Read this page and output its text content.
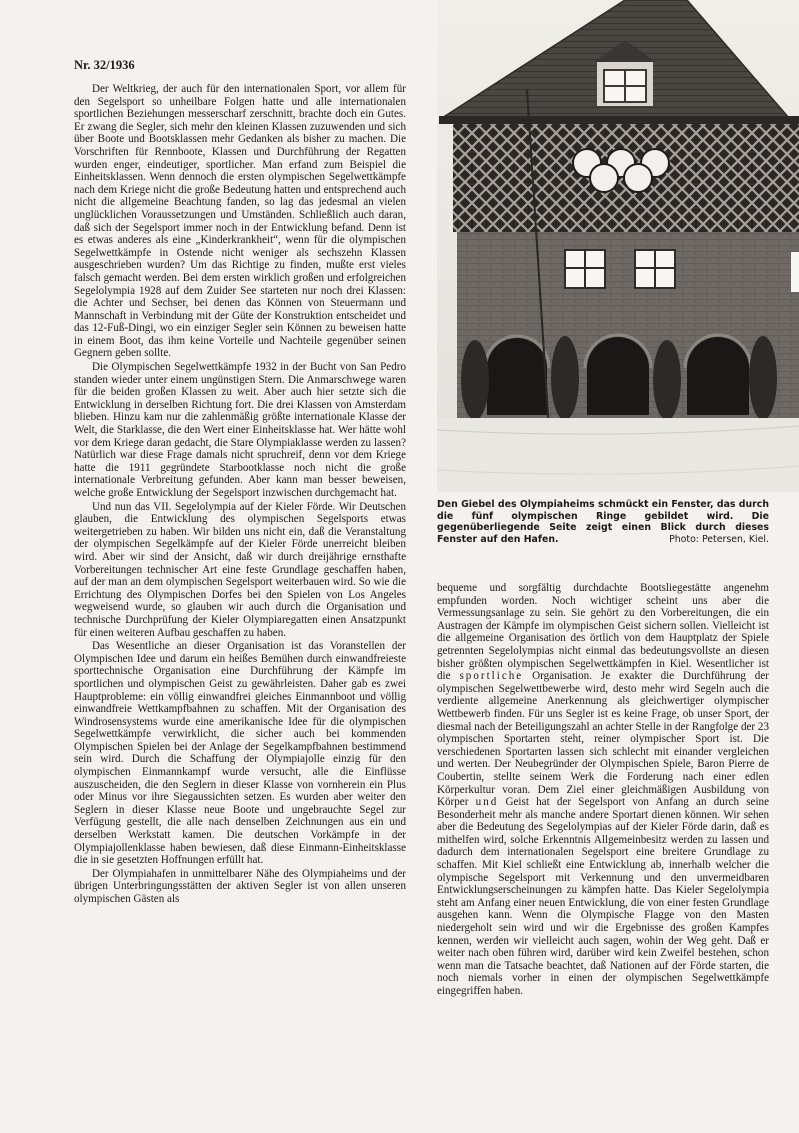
Nr. 32/1936

Der Weltkrieg, der auch für den internationalen Sport, vor allem für den Segelsport so unheilbare Folgen hatte und alle internationalen sportlichen Beziehungen messerscharf zerschnitt, brachte doch ein Gutes. Er zwang die Segler, sich mehr den kleinen Klassen zuzuwenden und sich über Boote und Bootsklassen mehr Gedanken als bisher zu machen. Die Vorschriften für Rennboote, Klassen und Durchführung der Regatten wurden enger, eindeutiger, sportlicher. Man erfand zum Beispiel die Einheitsklassen. Wenn dennoch die ersten olympischen Segelwettkämpfe nach dem Kriege nicht die große Bedeutung hatten und entsprechend auch nicht die allgemeine Beachtung fanden, so lag das jedesmal an vielen unglücklichen Voraussetzungen und Umständen. Schließlich auch daran, daß sich der Segelsport immer noch in der Entwicklung befand. Denn ist es etwas anderes als eine „Kinderkrankheit“, wenn für die olympischen Segelwettkämpfe in Ostende nicht weniger als sechszehn Klassen ausgeschrieben wurden? Um das Richtige zu finden, mußte erst vieles falsch gemacht werden. Bei dem ersten wirklich großen und erfolgreichen Segelolympia 1928 auf dem Zuider See starteten nur noch drei Klassen: die Achter und Sechser, bei denen das Können von Steuermann und Mannschaft in Verbindung mit der Güte der Konstruktion entscheidet und das 12-Fuß-Dingi, wo ein einziger Segler sein Können zu beweisen hatte in einem Boot, das ihm keine Vorteile und Nachteile gegenüber seinen Gegnern geben sollte.

Die Olympischen Segelwettkämpfe 1932 in der Bucht von San Pedro standen wieder unter einem ungünstigen Stern. Die Anmarschwege waren für die beiden großen Klassen zu weit. Aber auch hier setzte sich die Entwicklung in derselben Richtung fort. Die drei Klassen von Amsterdam blieben. Hinzu kam nur die zahlenmäßig größte internationale Klasse der Welt, die Starklasse, die den Wert einer Einheitsklasse hat. Wer hätte wohl vor dem Kriege daran gedacht, die Stare Olympiaklasse werden zu lassen? Natürlich war diese Frage damals nicht spruchreif, denn vor dem Kriege hatte die 1911 gegründete Starbootklasse noch nicht die große internationale Verbreitung gefunden. Aber kann man besser beweisen, welche große Entwicklung der Segelsport inzwischen durchgemacht hat.

Und nun das VII. Segelolympia auf der Kieler Förde. Wir Deutschen glauben, die Entwicklung des olympischen Segelsports etwas weitergetrieben zu haben. Wir bilden uns nicht ein, daß die Veranstaltung der olympischen Segelkämpfe auf der Kieler Förde unerreicht bleiben wird. Aber wir sind der Ansicht, daß wir durch dreijährige ernsthafte Vorbereitungen technischer Art eine feste Grundlage geschaffen haben, auf der man an dem olympischen Segelsport weiterbauen wird. So wie die Errichtung des Olympischen Dorfes bei den Spielen von Los Angeles wegweisend wurde, so glauben wir auch durch die Organisation und technische Durchprüfung der Kieler Olympiaregatten einen Ansatzpunkt für einen weiteren Aufbau geschaffen zu haben.

Das Wesentliche an dieser Organisation ist das Voranstellen der Olympischen Idee und darum ein heißes Bemühen durch einwandfreieste sporttechnische Organisation eine Durchführung der Kämpfe im sportlichen und olympischen Geist zu gewährleisten. Daher gab es zwei Hauptprobleme: ein völlig einwandfrei gleiches Einmannboot und völlig einwandfreie Wettkampfbahnen zu schaffen. Mit der Organisation des Windrosensystems wurde eine amerikanische Idee für die olympischen Segelwettkämpfe verwirklicht, die sicher auch bei kommenden Olympischen Spielen bei der Anlage der Segelkampfbahnen bestimmend sein wird. Durch die Schaffung der Olympiajolle einzig für den olympischen Einmannkampf wurde versucht, alle die Einflüsse auszuscheiden, die den Seglern in dieser Klasse von vornherein ein Plus oder Minus vor ihre Siegaussichten setzen. Es wurden aber weiter den Seglern in dieser Klasse neue Boote und ungebrauchte Segel zur Verfügung gestellt, die alle nach denselben Zeichnungen aus ein und derselben Werkstatt kamen. Die deutschen Vorkämpfe in der Olympiajollenklasse haben bewiesen, daß diese Einmann-Einheitsklasse die in sie gesetzten Hoffnungen erfüllt hat.

Der Olympiahafen in unmittelbarer Nähe des Olympiaheims und der übrigen Unterbringungsstätten der aktiven Segler ist von allen unseren olympischen Gästen als

Den Giebel des Olympiaheims schmückt ein Fenster, das durch die fünf olympischen Ringe gebildet wird. Die gegenüberliegende Seite zeigt einen Blick durch dieses Fenster auf den Hafen.	Photo: Petersen, Kiel.

bequeme und sorgfältig durchdachte Bootsliegestätte angenehm empfunden worden. Noch wichtiger scheint uns aber die Vermessungsanlage zu sein. Sie gehört zu den Vorbereitungen, die ein Austragen der Kämpfe im olympischen Geist sichern sollen. Vielleicht ist die allgemeine Organisation des örtlich von dem Hauptplatz der Spiele getrennten Segelolympias nicht einmal das bedeutungsvollste an diesen bisher größten olympischen Segelwettkämpfen in Kiel. Wesentlicher ist die sportliche Organisation. Je exakter die Durchführung der olympischen Segelwettbewerbe wird, desto mehr wird Segeln auch die verdiente allgemeine Anerkennung als gleichwertiger olympischer Wettbewerb finden. Für uns Segler ist es keine Frage, ob unser Sport, der diesmal nach der Beteiligungszahl an achter Stelle in der Rangfolge der 23 olympischen Sportarten steht, reiner olympischer Sport ist. Die verschiedenen Sportarten lassen sich schlecht mit einander vergleichen und werten. Der Neubegründer der Olympischen Spiele, Baron Pierre de Coubertin, stellte seinem Werk die Forderung nach einer edlen Körperkultur voran. Dem Ziel einer gleichmäßigen Ausbildung von Körper und Geist hat der Segelsport von Anfang an durch seine Besonderheit mehr als manche andere Sportart dienen können. Wir sehen aber die Bedeutung des Segelolympias auf der Kieler Förde darin, daß es mithelfen wird, solche Erkenntnis Allgemeinbesitz werden zu lassen und dadurch dem internationalen Segelsport eine breitere Grundlage zu schaffen. Mit Kiel schließt eine Entwicklung ab, innerhalb welcher die olympische Segelsport mit Verkennung und den unvermeidbaren Entwicklungserscheinungen zu kämpfen hatte. Das Kieler Segelolympia steht am Anfang einer neuen Entwicklung, die von einer festen Grundlage ausgehen kann. Wenn die Olympische Flagge von den Masten niedergeholt sein wird und wir die Ergebnisse des großen Kampfes kennen, werden wir vielleicht auch sagen, wohin der Weg geht. Daß er weiter nach oben führen wird, darüber wird kein Zweifel bestehen, schon wenn man die Tatsache beachtet, daß Nationen auf der Förde starten, die noch niemals vorher in einen der olympischen Segelwettkämpfe eingegriffen haben.
